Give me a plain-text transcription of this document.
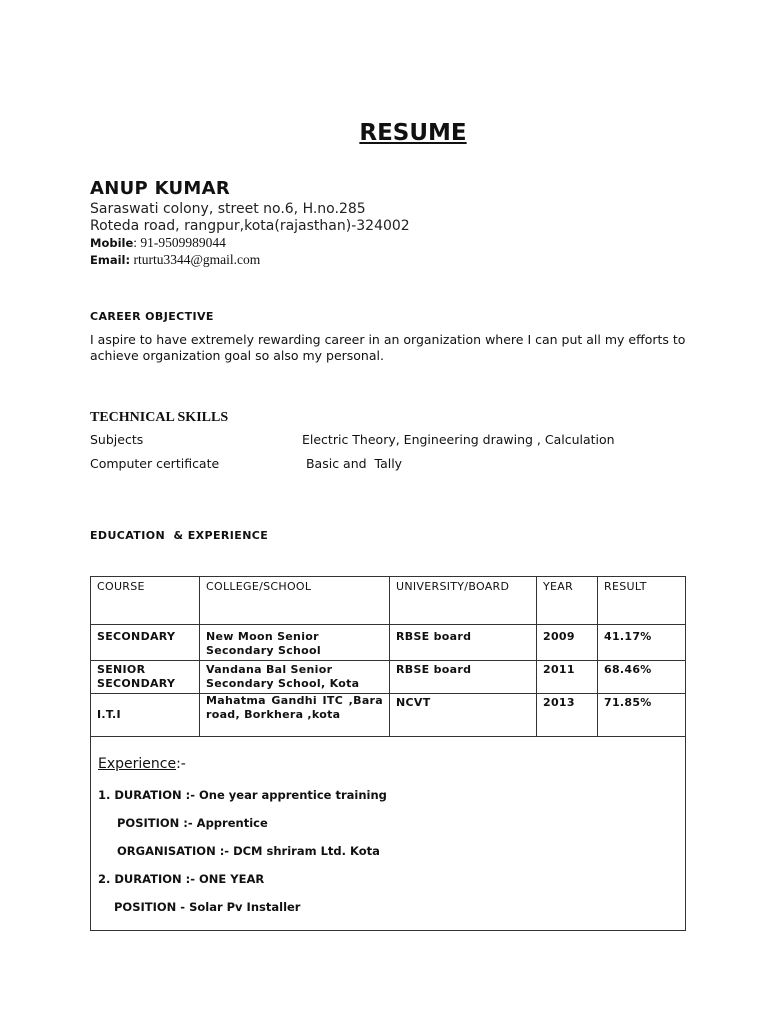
RESUME
ANUP KUMAR
Saraswati colony, street no.6, H.no.285
Roteda road, rangpur,kota(rajasthan)-324002
Mobile: 91-9509989044
Email: rturtu3344@gmail.com
CAREER OBJECTIVE
I aspire to have extremely rewarding career in an organization where I can put all my efforts to achieve organization goal so also my personal.
TECHNICAL SKILLS
Subjects	Electric Theory, Engineering drawing , Calculation
Computer certificate	Basic and  Tally
EDUCATION  & EXPERIENCE
COURSE	COLLEGE/SCHOOL	UNIVERSITY/BOARD	YEAR	RESULT
SECONDARY	New Moon Senior Secondary School	RBSE board	2009	41.17%
SENIOR SECONDARY	Vandana Bal Senior Secondary School, Kota	RBSE board	2011	68.46%
I.T.I	Mahatma Gandhi ITC ,Bara road, Borkhera ,kota	NCVT	2013	71.85%
Experience:-
1. DURATION :- One year apprentice training
POSITION :- Apprentice
ORGANISATION :- DCM shriram Ltd. Kota
2. DURATION :- ONE YEAR
POSITION - Solar Pv Installer
